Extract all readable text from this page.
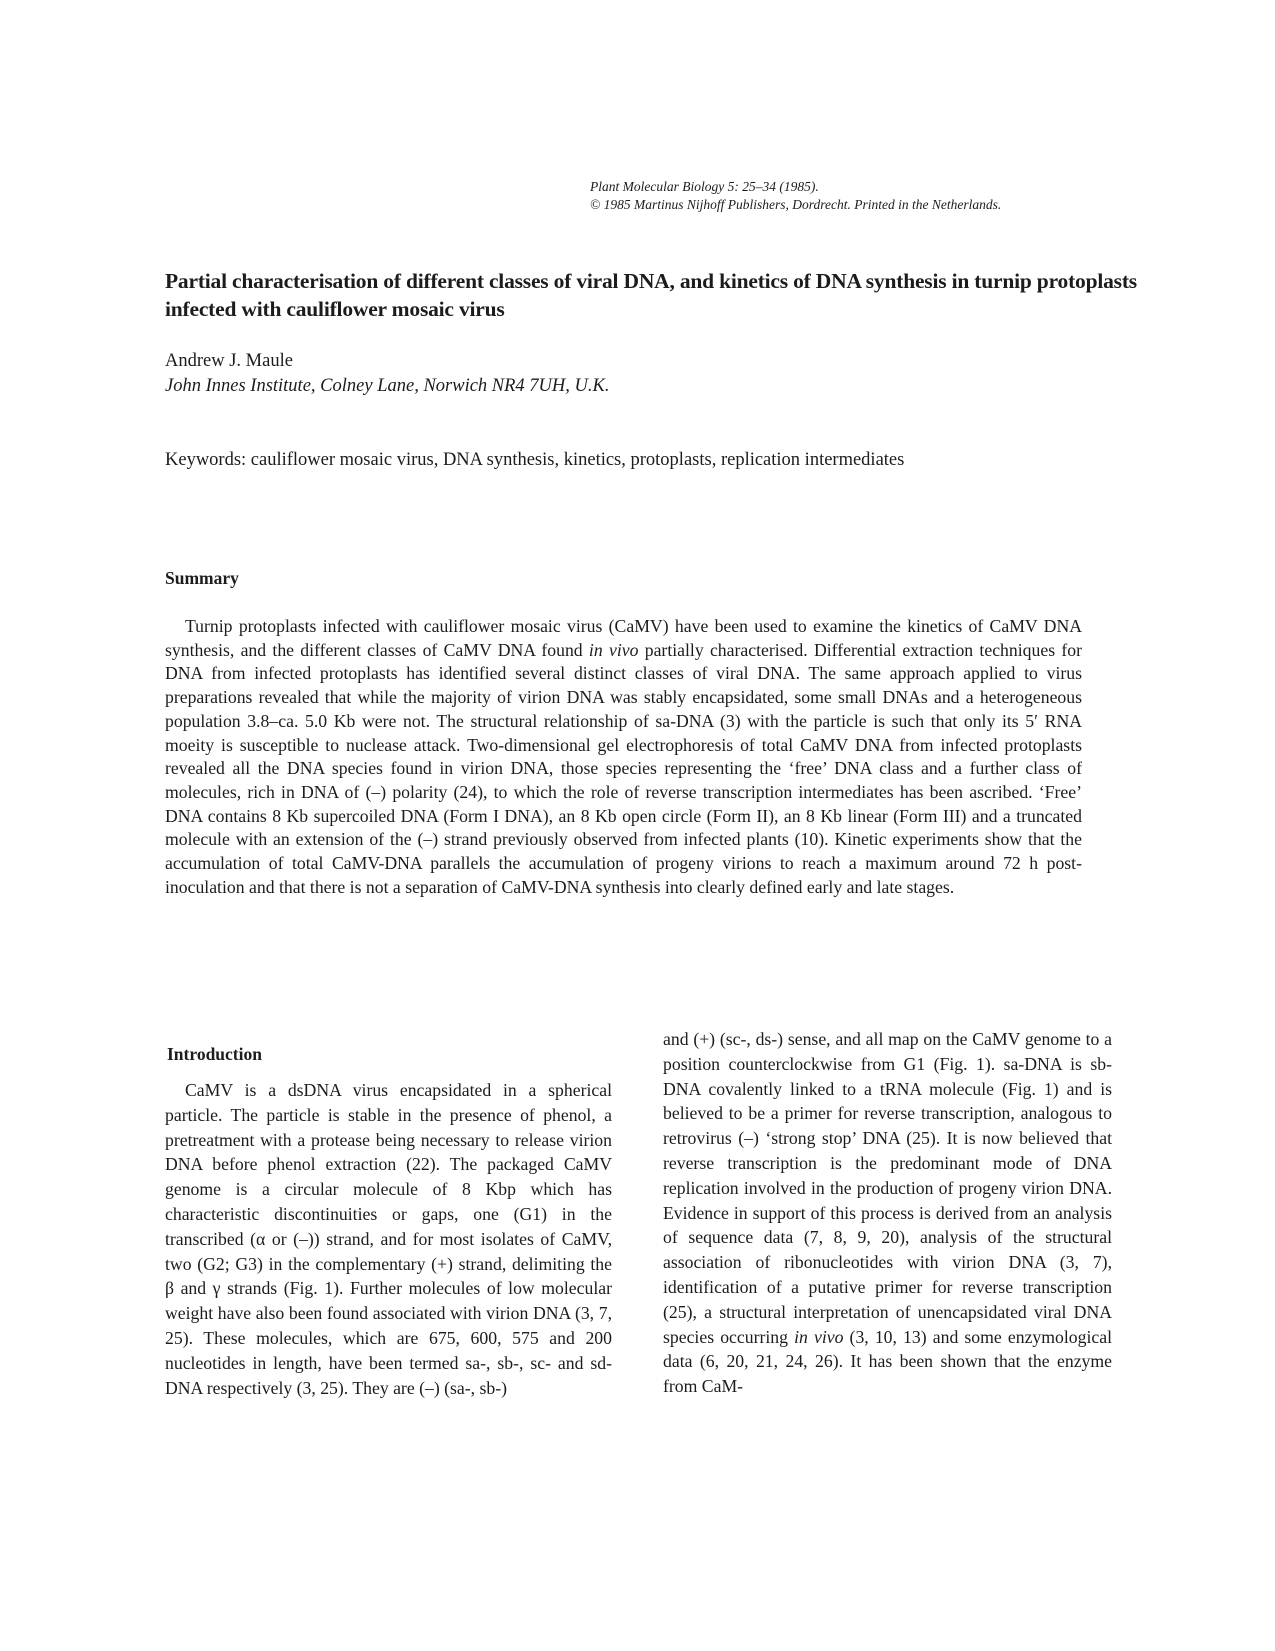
Plant Molecular Biology 5: 25–34 (1985).
© 1985 Martinus Nijhoff Publishers, Dordrecht. Printed in the Netherlands.
Partial characterisation of different classes of viral DNA, and kinetics of DNA synthesis in turnip protoplasts infected with cauliflower mosaic virus
Andrew J. Maule
John Innes Institute, Colney Lane, Norwich NR4 7UH, U.K.
Keywords: cauliflower mosaic virus, DNA synthesis, kinetics, protoplasts, replication intermediates
Summary

Turnip protoplasts infected with cauliflower mosaic virus (CaMV) have been used to examine the kinetics of CaMV DNA synthesis, and the different classes of CaMV DNA found in vivo partially characterised. Differential extraction techniques for DNA from infected protoplasts has identified several distinct classes of viral DNA. The same approach applied to virus preparations revealed that while the majority of virion DNA was stably encapsidated, some small DNAs and a heterogeneous population 3.8–ca. 5.0 Kb were not. The structural relationship of sa-DNA (3) with the particle is such that only its 5′ RNA moeity is susceptible to nuclease attack. Two-dimensional gel electrophoresis of total CaMV DNA from infected protoplasts revealed all the DNA species found in virion DNA, those species representing the ‘free’ DNA class and a further class of molecules, rich in DNA of (–) polarity (24), to which the role of reverse transcription intermediates has been ascribed. ‘Free’ DNA contains 8 Kb supercoiled DNA (Form I DNA), an 8 Kb open circle (Form II), an 8 Kb linear (Form III) and a truncated molecule with an extension of the (–) strand previously observed from infected plants (10). Kinetic experiments show that the accumulation of total CaMV-DNA parallels the accumulation of progeny virions to reach a maximum around 72 h post-inoculation and that there is not a separation of CaMV-DNA synthesis into clearly defined early and late stages.

Introduction

CaMV is a dsDNA virus encapsidated in a spherical particle. The particle is stable in the presence of phenol, a pretreatment with a protease being necessary to release virion DNA before phenol extraction (22). The packaged CaMV genome is a circular molecule of 8 Kbp which has characteristic discontinuities or gaps, one (G1) in the transcribed (α or (–)) strand, and for most isolates of CaMV, two (G2; G3) in the complementary (+) strand, delimiting the β and γ strands (Fig. 1). Further molecules of low molecular weight have also been found associated with virion DNA (3, 7, 25). These molecules, which are 675, 600, 575 and 200 nucleotides in length, have been termed sa-, sb-, sc- and sd-DNA respectively (3, 25). They are (–) (sa-, sb-)

and (+) (sc-, ds-) sense, and all map on the CaMV genome to a position counterclockwise from G1 (Fig. 1). sa-DNA is sb-DNA covalently linked to a tRNA molecule (Fig. 1) and is believed to be a primer for reverse transcription, analogous to retrovirus (–) ‘strong stop’ DNA (25). It is now believed that reverse transcription is the predominant mode of DNA replication involved in the production of progeny virion DNA. Evidence in support of this process is derived from an analysis of sequence data (7, 8, 9, 20), analysis of the structural association of ribonucleotides with virion DNA (3, 7), identification of a putative primer for reverse transcription (25), a structural interpretation of unencapsidated viral DNA species occurring in vivo (3, 10, 13) and some enzymological data (6, 20, 21, 24, 26). It has been shown that the enzyme from CaM-
